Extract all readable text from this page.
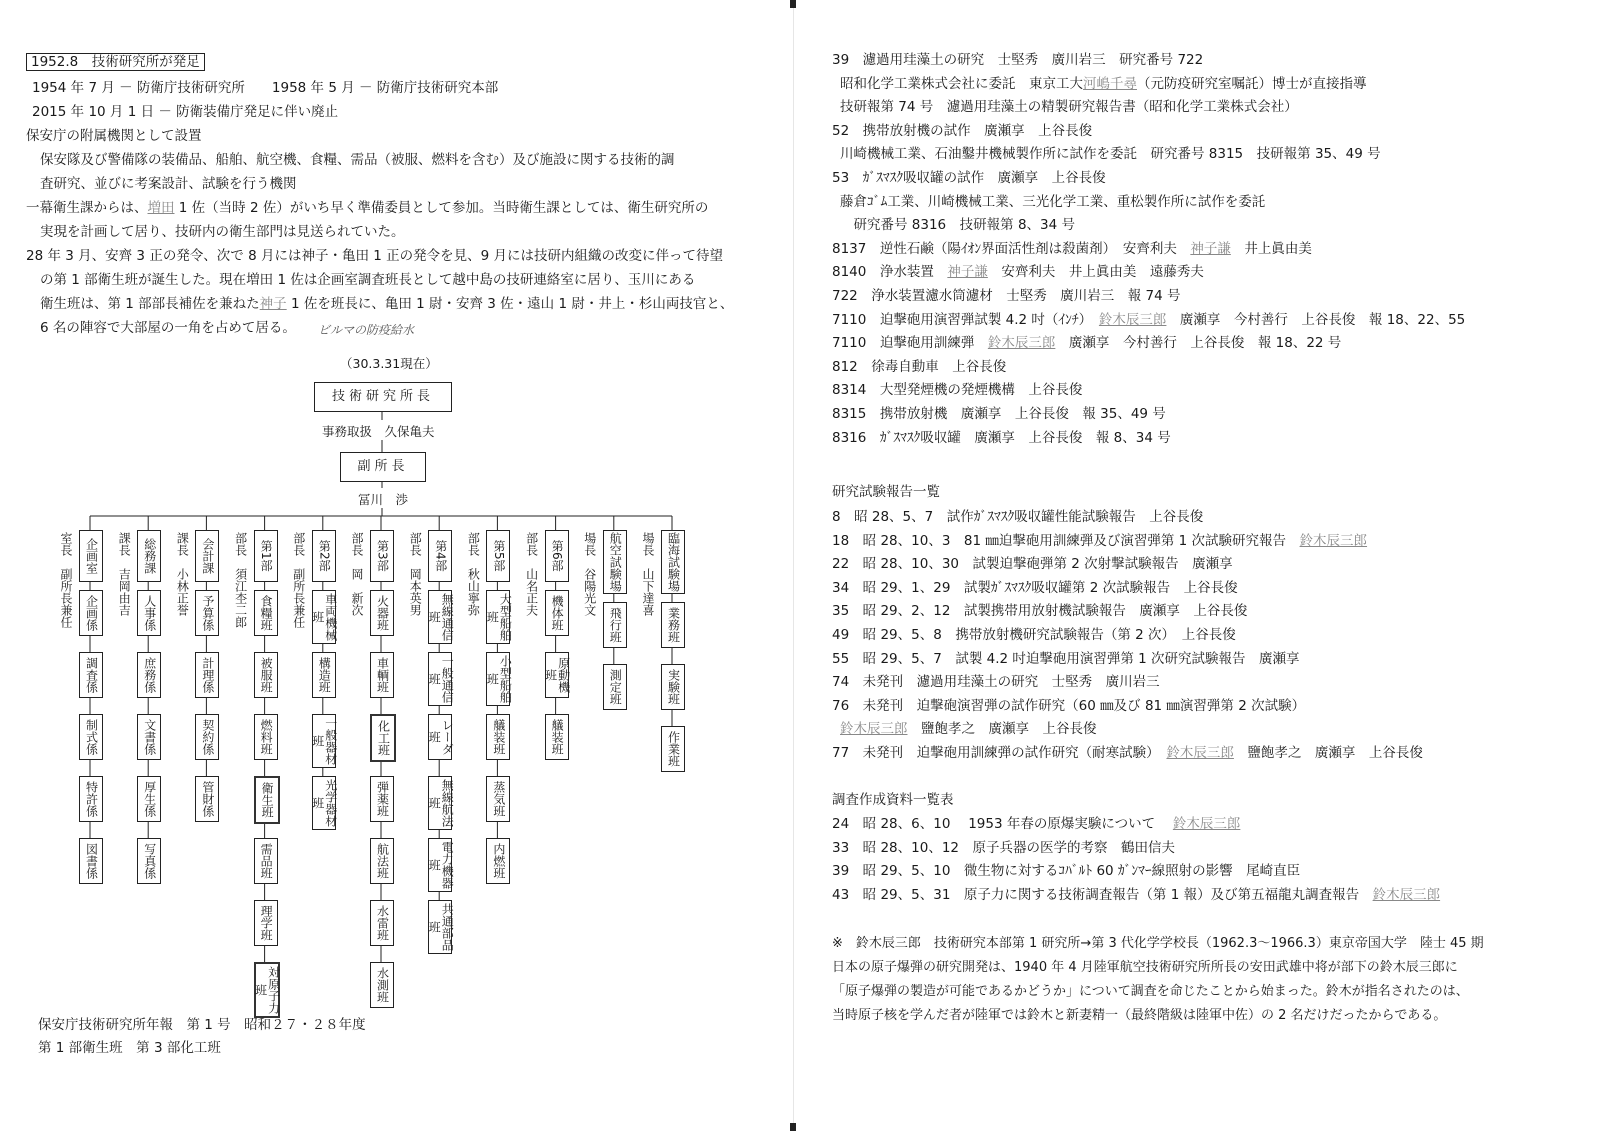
1952.8　技術研究所が発足
1954 年 7 月 － 防衛庁技術研究所　　1958 年 5 月 － 防衛庁技術研究本部
2015 年 10 月 1 日 － 防衛装備庁発足に伴い廃止
保安庁の附属機関として設置
保安隊及び警備隊の装備品、船舶、航空機、食糧、需品（被服、燃料を含む）及び施設に関する技術的調
査研究、並びに考案設計、試験を行う機関
一幕衛生課からは、増田 1 佐（当時 2 佐）がいち早く準備委員として参加。当時衛生課としては、衛生研究所の
実現を計画して居り、技研内の衛生部門は見送られていた。
28 年 3 月、安齊 3 正の発令、次で 8 月には神子・亀田 1 正の発令を見、9 月には技研内組織の改変に伴って待望
の第 1 部衛生班が誕生した。現在増田 1 佐は企画室調査班長として越中島の技研連絡室に居り、玉川にある
衛生班は、第 1 部部長補佐を兼ねた神子 1 佐を班長に、亀田 1 尉・安齊 3 佐・遠山 1 尉・井上・杉山両技官と、
6 名の陣容で大部屋の一角を占めて居る。 ビルマの防疫給水
（30.3.31現在）
技術研究所長
事務取扱　久保亀夫
副所長
冨川　渉
企画室
室長　副所長兼任 企画係
調査係
制式係
特許係
図書係
総務課
課長　吉岡由吉 人事係
庶務係
文書係
厚生係
写真係
会計課
課長　小林正誉 予算係
計理係
契約係
管財係
第1部
部長　須江杢二郎 食糧班
被服班
燃料班
衛生班
需品班
理学班
対原子力班
第2部
部長　副所長兼任	車両機械班
構造班
一般器材班
光学器材班
第3部
部長　岡　新次 火器班
車輌班
化工班
弾薬班
航法班
水雷班
水測班
第4部
部長　岡本英男
無線通信班
一般通信班
レーダ班
無線航法班
電力機器班
共通部品班
第5部
部長　秋山寧弥
大型船舶班
小型船舶班
艤装班
蒸気班
内燃班
第6部
部長　山名正夫 機体班
原動機班
艤装班
航空試験場
場長　谷陽光文
飛行班
測定班
臨海試験場
場長　山下達喜
業務班
実験班
作業班
保安庁技術研究所年報　第 1 号　昭和２７・２８年度
第 1 部衛生班　第 3 部化工班
39　濾過用珪藻土の研究　士堅秀　廣川岩三　研究番号 722
昭和化学工業株式会社に委託　東京工大河嶋千尋（元防疫研究室嘱託）博士が直接指導
技研報第 74 号　濾過用珪藻土の精製研究報告書（昭和化学工業株式会社）
52　携帯放射機の試作　廣瀬享　上谷長俊
川崎機械工業、石油鑿井機械製作所に試作を委託　研究番号 8315　技研報第 35、49 号
53　ｶﾞｽﾏｽｸ吸収罐の試作　廣瀬享　上谷長俊
藤倉ｺﾞﾑ工業、川崎機械工業、三光化学工業、重松製作所に試作を委託
　研究番号 8316　技研報第 8、34 号
8137　逆性石鹸（陽ｲｵﾝ界面活性剤は殺菌剤）　安齊利夫　神子謙　井上眞由美
8140　浄水装置　神子謙　安齊利夫　井上眞由美　遠藤秀夫
722　浄水装置濾水筒濾材　士堅秀　廣川岩三　報 74 号
7110　迫撃砲用演習弾試製 4.2 吋（ｲﾝﾁ）　鈴木辰三郎　廣瀬享　今村善行　上谷長俊　報 18、22、55
7110　迫撃砲用訓練弾　鈴木辰三郎　廣瀬享　今村善行　上谷長俊　報 18、22 号
812　徐毒自動車　上谷長俊
8314　大型発煙機の発煙機構　上谷長俊
8315　携帯放射機　廣瀬享　上谷長俊　報 35、49 号
8316　ｶﾞｽﾏｽｸ吸収罐　廣瀬享　上谷長俊　報 8、34 号
研究試験報告一覧
8　昭 28、5、7　試作ｶﾞｽﾏｽｸ吸収罐性能試験報告　上谷長俊
18　昭 28、10、3　81 ㎜迫撃砲用訓練弾及び演習弾第 1 次試験研究報告　鈴木辰三郎
22　昭 28、10、30　試製迫撃砲弾第 2 次射撃試験報告　廣瀬享
34　昭 29、1、29　試製ｶﾞｽﾏｽｸ吸収罐第 2 次試験報告　上谷長俊
35　昭 29、2、12　試製携帯用放射機試験報告　廣瀬享　上谷長俊
49　昭 29、5、8　携帯放射機研究試験報告（第 2 次）　上谷長俊
55　昭 29、5、7　試製 4.2 吋迫撃砲用演習弾第 1 次研究試験報告　廣瀬享
74　未発刊　濾過用珪藻土の研究　士堅秀　廣川岩三
76　未発刊　迫撃砲演習弾の試作研究（60 ㎜及び 81 ㎜演習弾第 2 次試験）
鈴木辰三郎　鹽飽孝之　廣瀬享　上谷長俊
77　未発刊　迫撃砲用訓練弾の試作研究（耐寒試験）　鈴木辰三郎　鹽飽孝之　廣瀬享　上谷長俊
調査作成資料一覧表
24　昭 28、6、10　 1953 年春の原爆実験について　 鈴木辰三郎
33　昭 28、10、12　原子兵器の医学的考察　鶴田信夫
39　昭 29、5、10　微生物に対するｺﾊﾞﾙﾄ 60 ｶﾞﾝﾏｰ線照射の影響　尾崎直臣
43　昭 29、5、31　原子力に関する技術調査報告（第 1 報）及び第五福龍丸調査報告　鈴木辰三郎
※　鈴木辰三郎　技術研究本部第 1 研究所→第 3 代化学学校長（1962.3～1966.3）東京帝国大学　陸士 45 期
日本の原子爆弾の研究開発は、1940 年 4 月陸軍航空技術研究所所長の安田武雄中将が部下の鈴木辰三郎に
「原子爆弾の製造が可能であるかどうか」について調査を命じたことから始まった。鈴木が指名されたのは、
当時原子核を学んだ者が陸軍では鈴木と新妻精一（最終階級は陸軍中佐）の 2 名だけだったからである。
